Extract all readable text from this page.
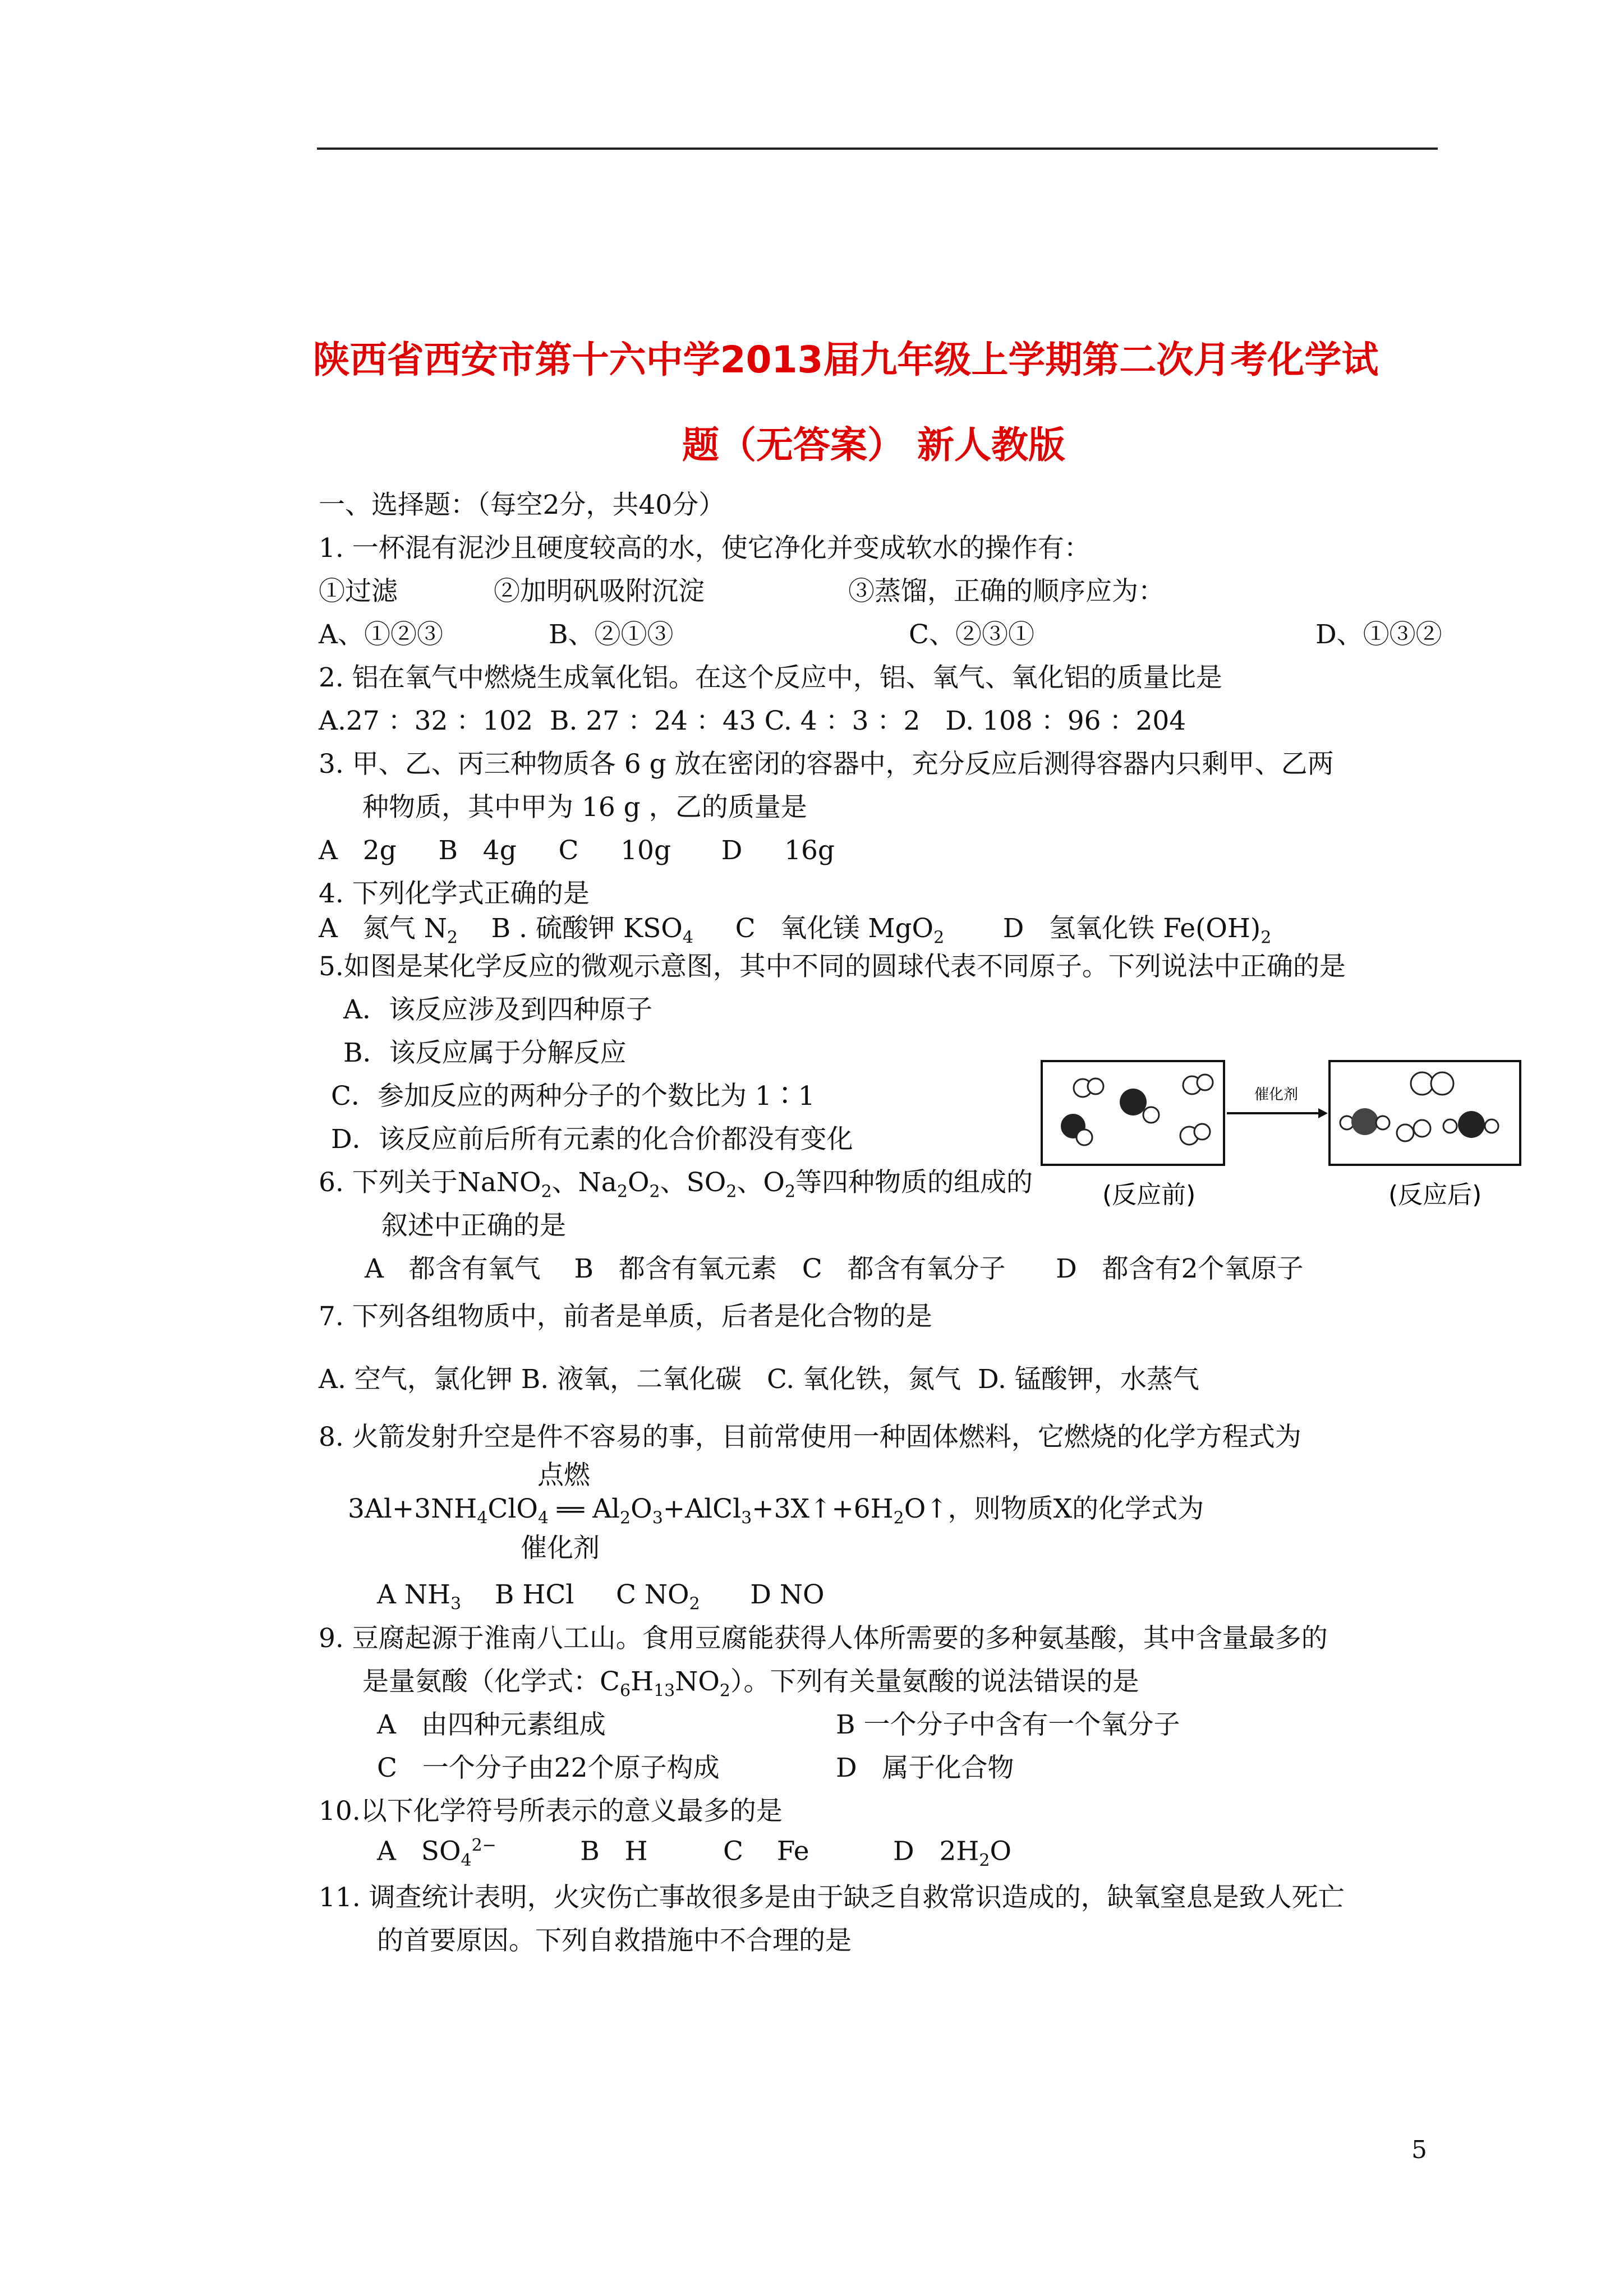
陕西省西安市第十六中学2013届九年级上学期第二次月考化学试
题（无答案） 新人教版
一、选择题：（每空2分，共40分）
1. 一杯混有泥沙且硬度较高的水，使它净化并变成软水的操作有：
①过滤	②加明矾吸附沉淀	③蒸馏，正确的顺序应为：
A、①②③	B、②①③	C、②③①	D、①③②
2. 铝在氧气中燃烧生成氧化铝。在这个反应中，铝、氧气、氧化铝的质量比是
A.27 ：32 ：102  B. 27 ：24 ：43 C. 4 ：3 ：2   D. 108 ：96 ：204
3. 甲、乙、丙三种物质各 6 g 放在密闭的容器中，充分反应后测得容器内只剩甲、乙两
种物质，其中甲为 16 g ，乙的质量是
A   2g     B   4g     C     10g      D     16g
4. 下列化学式正确的是
A   氮气 $N_2$    B . 硫酸钾 $KSO_4$     C   氧化镁 MgO$_2$       D   氢氧化铁 $Fe(OH)_2$
5.如图是某化学反应的微观示意图，其中不同的圆球代表不同原子。下列说法中正确的是
A．该反应涉及到四种原子
B．该反应属于分解反应
C．参加反应的两种分子的个数比为 1∶1
D．该反应前后所有元素的化合价都没有变化
6. 下列关于NaNO$_2$、$Na_2O_2$、$SO_2$、$O_2$等四种物质的组成的
叙述中正确的是
A   都含有氧气    B   都含有氧元素   C   都含有氧分子      D   都含有2个氧原子
7. 下列各组物质中，前者是单质，后者是化合物的是
A. 空气，氯化钾 B. 液氧，二氧化碳   C. 氧化铁，氮气  D. 锰酸钾，水蒸气
8. 火箭发射升空是件不容易的事，目前常使用一种固体燃料，它燃烧的化学方程式为
点燃
$3Al+3NH_4ClO_4$ ══ $Al_2O_3+AlCl_3+3X↑+6H_2O↑$，则物质X的化学式为
催化剂
A $NH_3$    B HCl     C $NO_2$      D NO
9. 豆腐起源于淮南八工山。食用豆腐能获得人体所需要的多种氨基酸，其中含量最多的
是量氨酸（化学式：$C_6H_{13}NO_2$）。下列有关量氨酸的说法错误的是
A   由四种元素组成	B 一个分子中含有一个氧分子
C   一个分子由22个原子构成	D   属于化合物
10.以下化学符号所表示的意义最多的是
A   $SO_4^{2-}$          B   H         C    Fe          D   $2H_2O$
11. 调查统计表明，火灾伤亡事故很多是由于缺乏自救常识造成的，缺氧窒息是致人死亡
的首要原因。下列自救措施中不合理的是
催化剂
(反应前)	(反应后)
5
